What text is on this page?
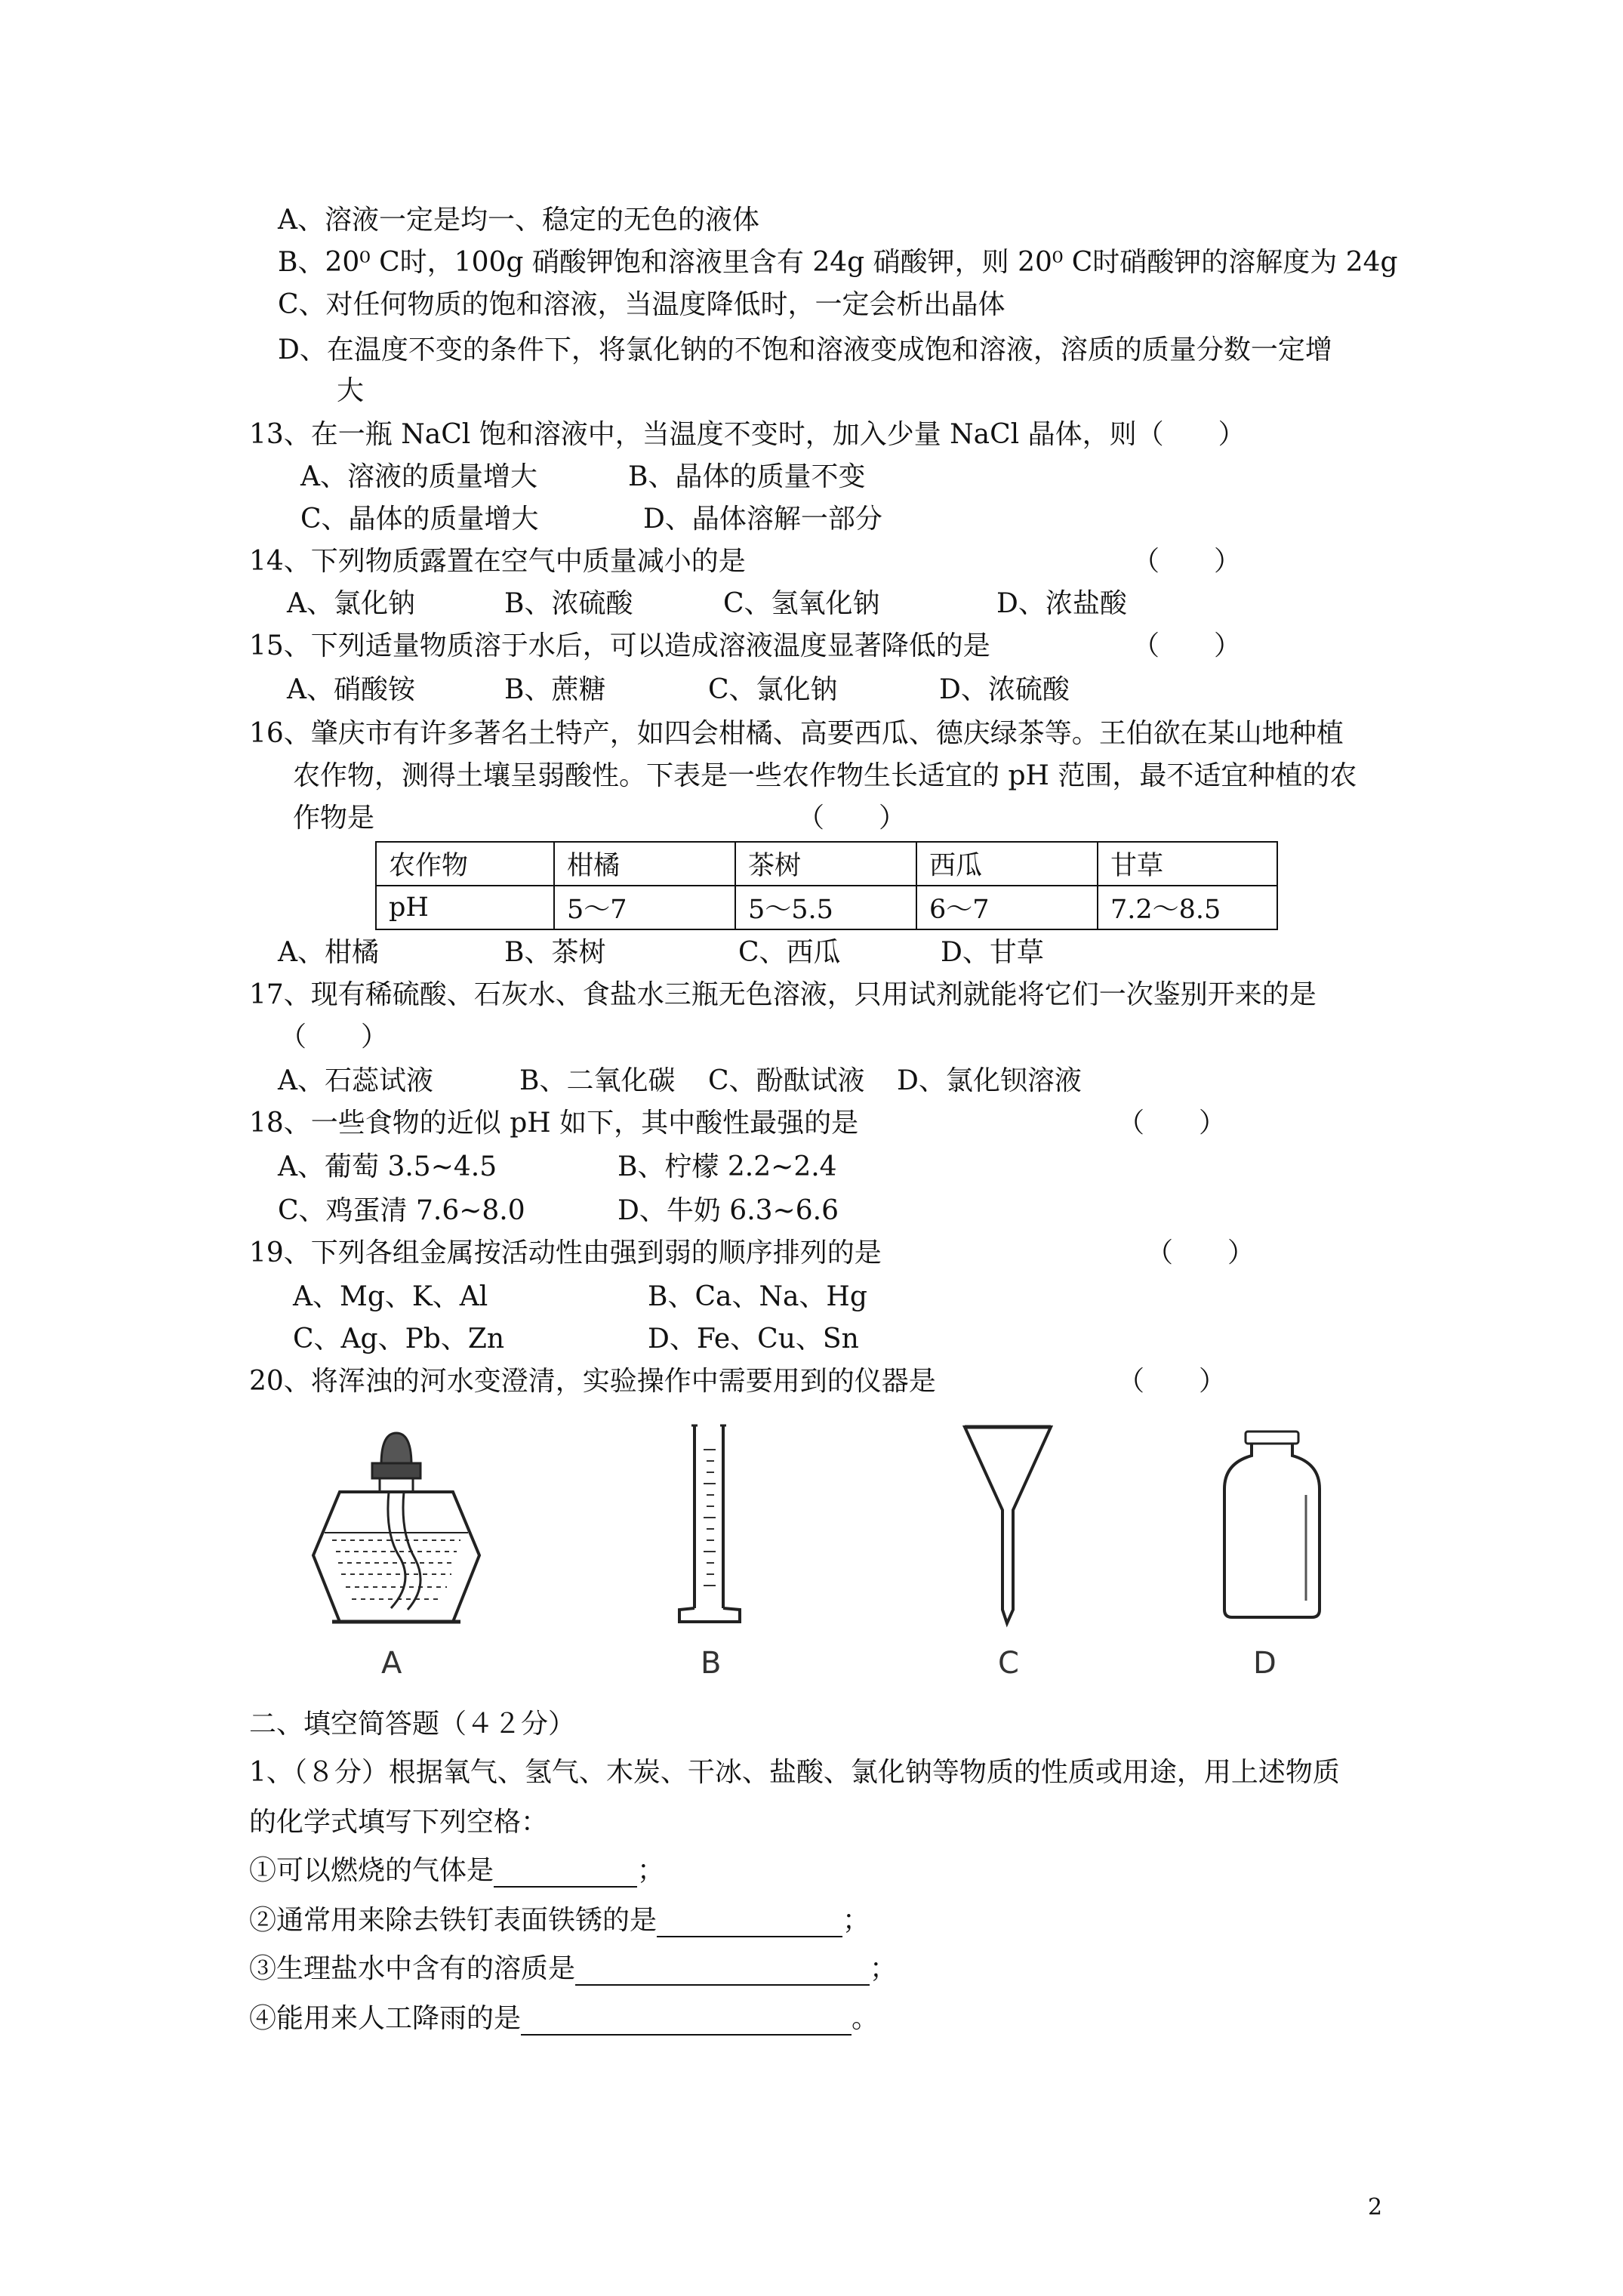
A、溶液一定是均一、稳定的无色的液体
B、20⁰ C时，100g 硝酸钾饱和溶液里含有 24g 硝酸钾，则 20⁰ C时硝酸钾的溶解度为 24g
C、对任何物质的饱和溶液，当温度降低时，一定会析出晶体
D、在温度不变的条件下，将氯化钠的不饱和溶液变成饱和溶液，溶质的质量分数一定增
大
13、在一瓶 NaCl 饱和溶液中，当温度不变时，加入少量 NaCl 晶体，则（　　）
A、溶液的质量增大	B、晶体的质量不变
C、晶体的质量增大	D、晶体溶解一部分
14、下列物质露置在空气中质量减小的是	（　　）
A、氯化钠	B、浓硫酸	C、氢氧化钠	D、浓盐酸
15、下列适量物质溶于水后，可以造成溶液温度显著降低的是	（　　）
A、硝酸铵	B、蔗糖	C、氯化钠	D、浓硫酸
16、肇庆市有许多著名土特产，如四会柑橘、高要西瓜、德庆绿茶等。王伯欲在某山地种植
农作物，测得土壤呈弱酸性。下表是一些农作物生长适宜的 pH 范围，最不适宜种植的农
作物是	（　　）
农作物	柑橘	茶树	西瓜	甘草
pH	5～7	5～5.5	6～7	7.2～8.5
A、柑橘	B、茶树	C、西瓜	D、甘草
17、现有稀硫酸、石灰水、食盐水三瓶无色溶液，只用试剂就能将它们一次鉴别开来的是
（　　）
A、石蕊试液	B、二氧化碳 C、酚酞试液 D、氯化钡溶液
18、一些食物的近似 pH 如下，其中酸性最强的是	（　　）
A、葡萄 3.5~4.5	B、柠檬 2.2~2.4
C、鸡蛋清 7.6~8.0	D、牛奶 6.3~6.6
19、下列各组金属按活动性由强到弱的顺序排列的是	（　　）
A、Mg、K、Al	B、Ca、Na、Hg
C、Ag、Pb、Zn	D、Fe、Cu、Sn
20、将浑浊的河水变澄清，实验操作中需要用到的仪器是	（　　）
A	B	C	D
二、填空简答题（４２分）
1、（８分）根据氧气、氢气、木炭、干冰、盐酸、氯化钠等物质的性质或用途，用上述物质
的化学式填写下列空格：
①可以燃烧的气体是	；
②通常用来除去铁钉表面铁锈的是	；
③生理盐水中含有的溶质是	；
④能用来人工降雨的是	。
2
